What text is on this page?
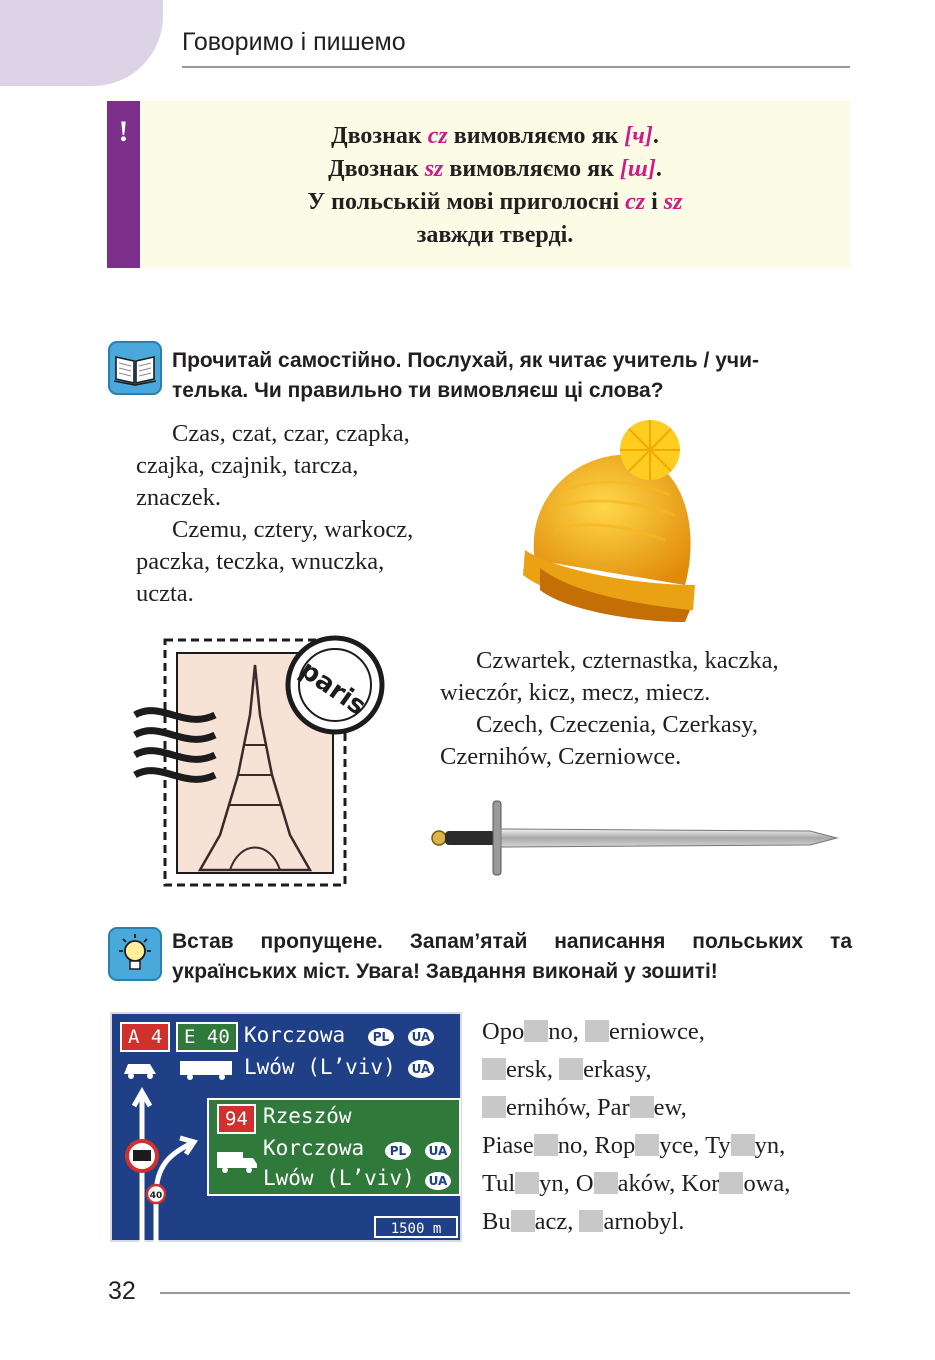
Говоримо і пишемо
!	Двознак cz вимовляємо як [ч].
Двознак sz вимовляємо як [ш].
У польській мові приголосні cz і sz
завжди тверді.
Прочитай самостійно. Послухай, як читає учитель / учи-
телька. Чи правильно ти вимовляєш ці слова?

Czas, czat, czar, czapka,

czajka, czajnik, tarcza,
znaczek.

Czemu, cztery, warkocz,

paczka, teczka, wnuczka,
uczta.
paris	Czwartek, czternastka, kaczka,

wieczór, kicz, mecz, miecz.

Czech, Czeczenia, Czerkasy,

Czernihów, Czerniowce.
Встав пропущене. Запам’ятай написання польських та
українських міст. Увага! Завдання виконай у зошиті!
A 4	E 40 Korczowa	PL	UA
Lwów (L’viv)	UA
94 Rzeszów
Korczowa	PL	UA
Lwów (L’viv)	UA
40
1500 m
Opo no, erniowce,
ersk, erkasy,
ernihów, Par ew,
Piase no, Rop yce, Ty yn,
Tul yn, O aków, Kor owa,
Bu acz, arnobyl.
32
